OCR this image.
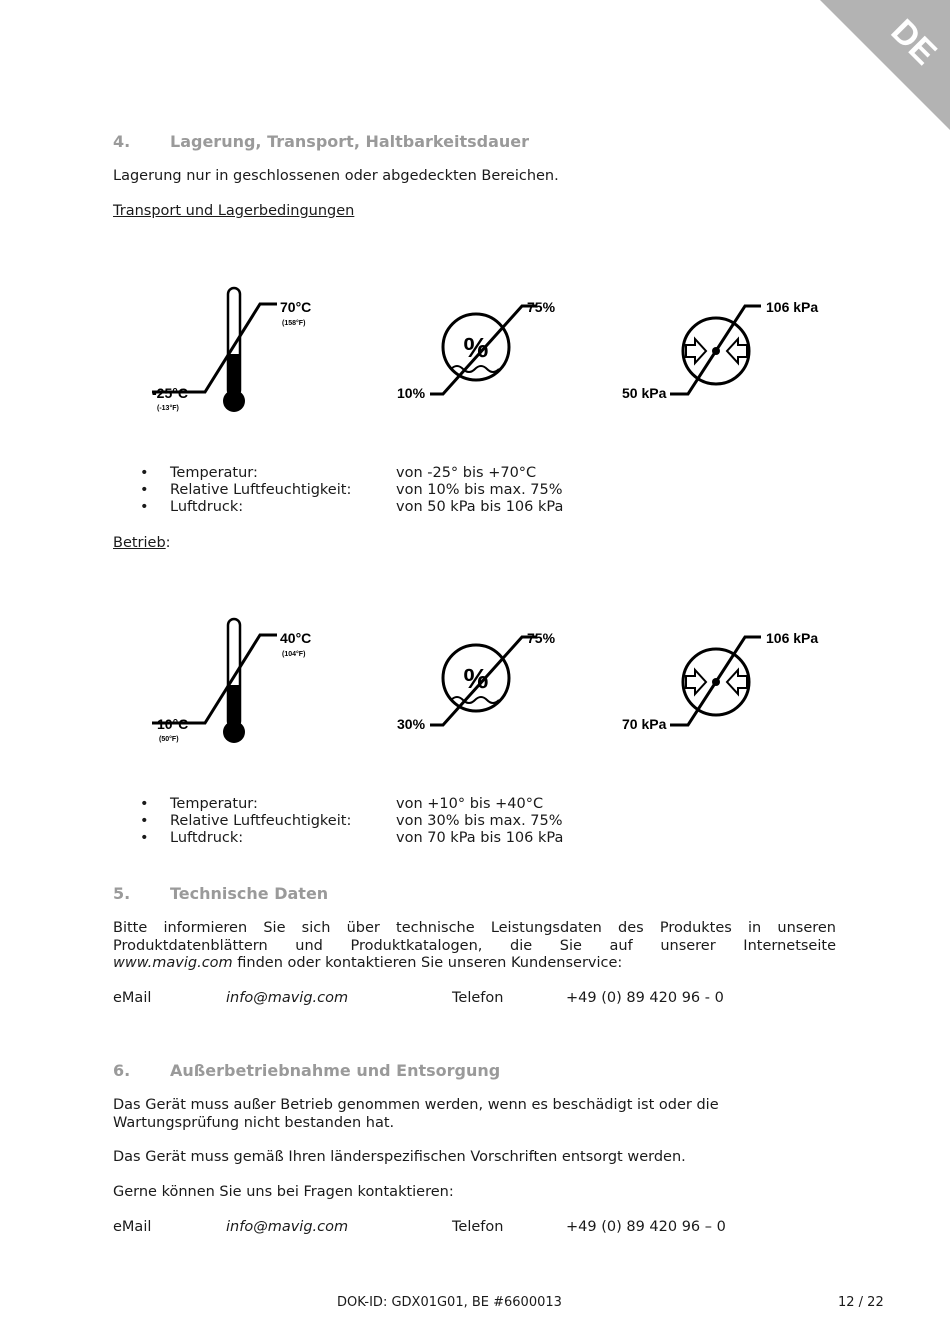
DE
4. Lagerung, Transport, Haltbarkeitsdauer
Lagerung nur in geschlossenen oder abgedeckten Bereichen.
Transport und Lagerbedingungen
70°C
(158°F)
-25°C
(-13°F)
%
75%
10%
106 kPa
50 kPa
• Temperatur:	von -25° bis +70°C
• Relative Luftfeuchtigkeit:	von 10% bis max. 75%
• Luftdruck:	von 50 kPa bis 106 kPa
Betrieb:
40°C
(104°F)
10°C
(50°F)
%
75%
30%
106 kPa
70 kPa
• Temperatur:	von +10° bis +40°C
• Relative Luftfeuchtigkeit:	von 30% bis max. 75%
• Luftdruck:	von 70 kPa bis 106 kPa
5. Technische Daten
Bitte informieren Sie sich über technische Leistungsdaten des Produktes in unseren
Produktdatenblättern und Produktkatalogen, die Sie auf unserer Internetseite
www.mavig.com finden oder kontaktieren Sie unseren Kundenservice:
eMail	info@mavig.com	Telefon	+49 (0) 89 420 96 - 0
6. Außerbetriebnahme und Entsorgung
Das Gerät muss außer Betrieb genommen werden, wenn es beschädigt ist oder die Wartungsprüfung nicht bestanden hat.
Das Gerät muss gemäß Ihren länderspezifischen Vorschriften entsorgt werden.
Gerne können Sie uns bei Fragen kontaktieren:
eMail	info@mavig.com	Telefon	+49 (0) 89 420 96 – 0
DOK-ID: GDX01G01, BE #6600013	12 / 22
